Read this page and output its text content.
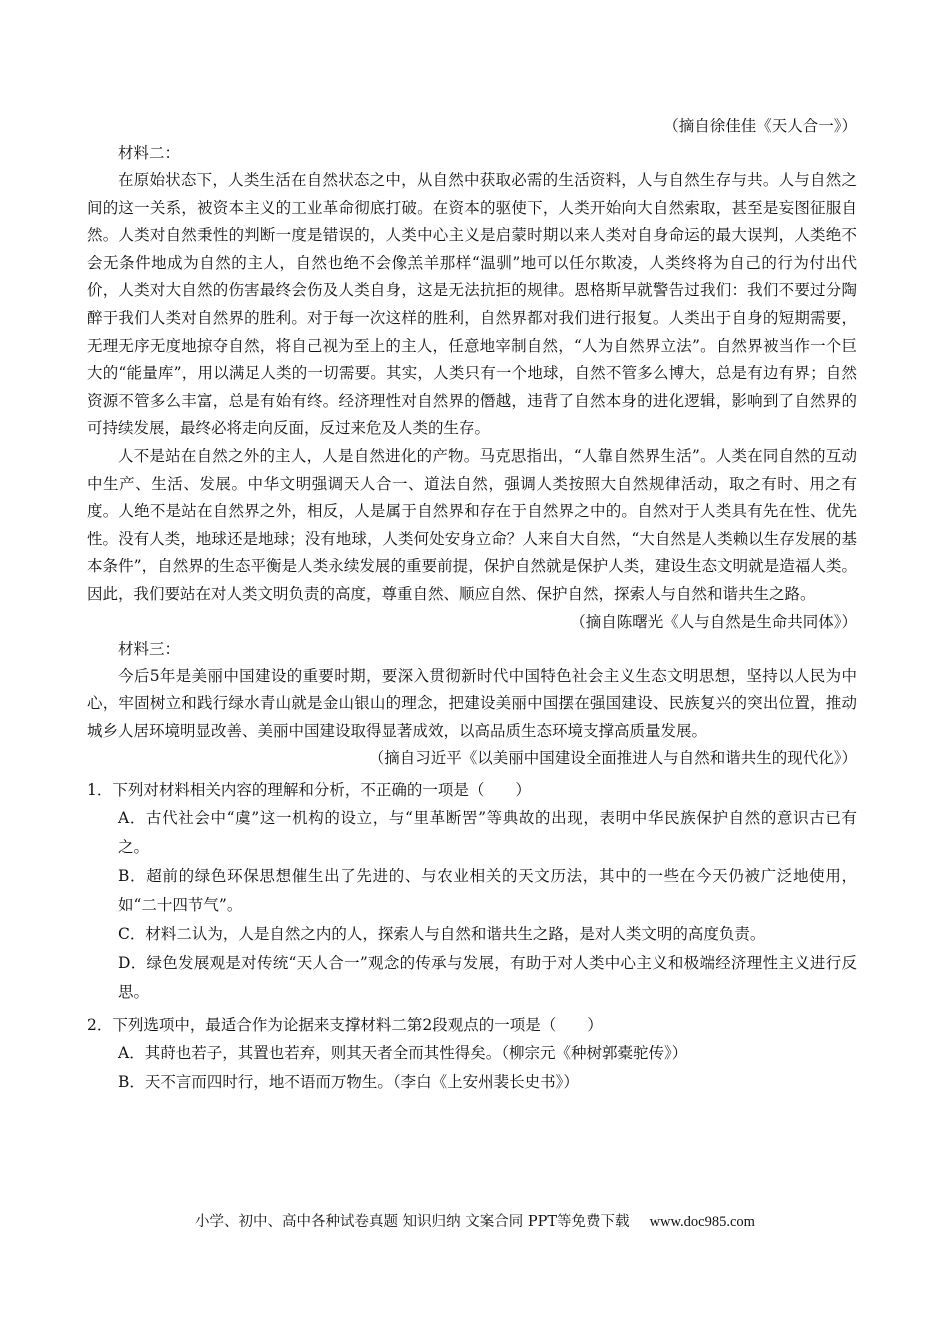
（摘自徐佳佳《天人合一》）
材料二：

在原始状态下，人类生活在自然状态之中，从自然中获取必需的生活资料，人与自然生存与共。人与自然之间的这一关系，被资本主义的工业革命彻底打破。在资本的驱使下，人类开始向大自然索取，甚至是妄图征服自然。人类对自然秉性的判断一度是错误的，人类中心主义是启蒙时期以来人类对自身命运的最大误判，人类绝不会无条件地成为自然的主人，自然也绝不会像羔羊那样“温驯”地可以任尔欺凌，人类终将为自己的行为付出代价，人类对大自然的伤害最终会伤及人类自身，这是无法抗拒的规律。恩格斯早就警告过我们：我们不要过分陶醉于我们人类对自然界的胜利。对于每一次这样的胜利，自然界都对我们进行报复。人类出于自身的短期需要，无理无序无度地掠夺自然，将自己视为至上的主人，任意地宰制自然，“人为自然界立法”。自然界被当作一个巨大的“能量库”，用以满足人类的一切需要。其实，人类只有一个地球，自然不管多么博大，总是有边有界；自然资源不管多么丰富，总是有始有终。经济理性对自然界的僭越，违背了自然本身的进化逻辑，影响到了自然界的可持续发展，最终必将走向反面，反过来危及人类的生存。

人不是站在自然之外的主人，人是自然进化的产物。马克思指出，“人靠自然界生活”。人类在同自然的互动中生产、生活、发展。中华文明强调天人合一、道法自然，强调人类按照大自然规律活动，取之有时、用之有度。人绝不是站在自然界之外，相反，人是属于自然界和存在于自然界之中的。自然对于人类具有先在性、优先性。没有人类，地球还是地球；没有地球，人类何处安身立命？人来自大自然，“大自然是人类赖以生存发展的基本条件”，自然界的生态平衡是人类永续发展的重要前提，保护自然就是保护人类，建设生态文明就是造福人类。因此，我们要站在对人类文明负责的高度，尊重自然、顺应自然、保护自然，探索人与自然和谐共生之路。

（摘自陈曙光《人与自然是生命共同体》）
材料三：

今后5年是美丽中国建设的重要时期，要深入贯彻新时代中国特色社会主义生态文明思想，坚持以人民为中心，牢固树立和践行绿水青山就是金山银山的理念，把建设美丽中国摆在强国建设、民族复兴的突出位置，推动城乡人居环境明显改善、美丽中国建设取得显著成效，以高品质生态环境支撑高质量发展。

（摘自习近平《以美丽中国建设全面推进人与自然和谐共生的现代化》）
1．下列对材料相关内容的理解和分析，不正确的一项是（　　）
A．古代社会中“虞”这一机构的设立，与“里革断罟”等典故的出现，表明中华民族保护自然的意识古已有之。
B．超前的绿色环保思想催生出了先进的、与农业相关的天文历法，其中的一些在今天仍被广泛地使用，如“二十四节气”。
C．材料二认为，人是自然之内的人，探索人与自然和谐共生之路，是对人类文明的高度负责。
D．绿色发展观是对传统“天人合一”观念的传承与发展，有助于对人类中心主义和极端经济理性主义进行反思。
2．下列选项中，最适合作为论据来支撑材料二第2段观点的一项是（　　）
A．其莳也若子，其置也若弃，则其天者全而其性得矣。（柳宗元《种树郭橐驼传》）
B．天不言而四时行，地不语而万物生。（李白《上安州裴长史书》）
小学、初中、高中各种试卷真题 知识归纳 文案合同 PPT等免费下载 www.doc985.com
